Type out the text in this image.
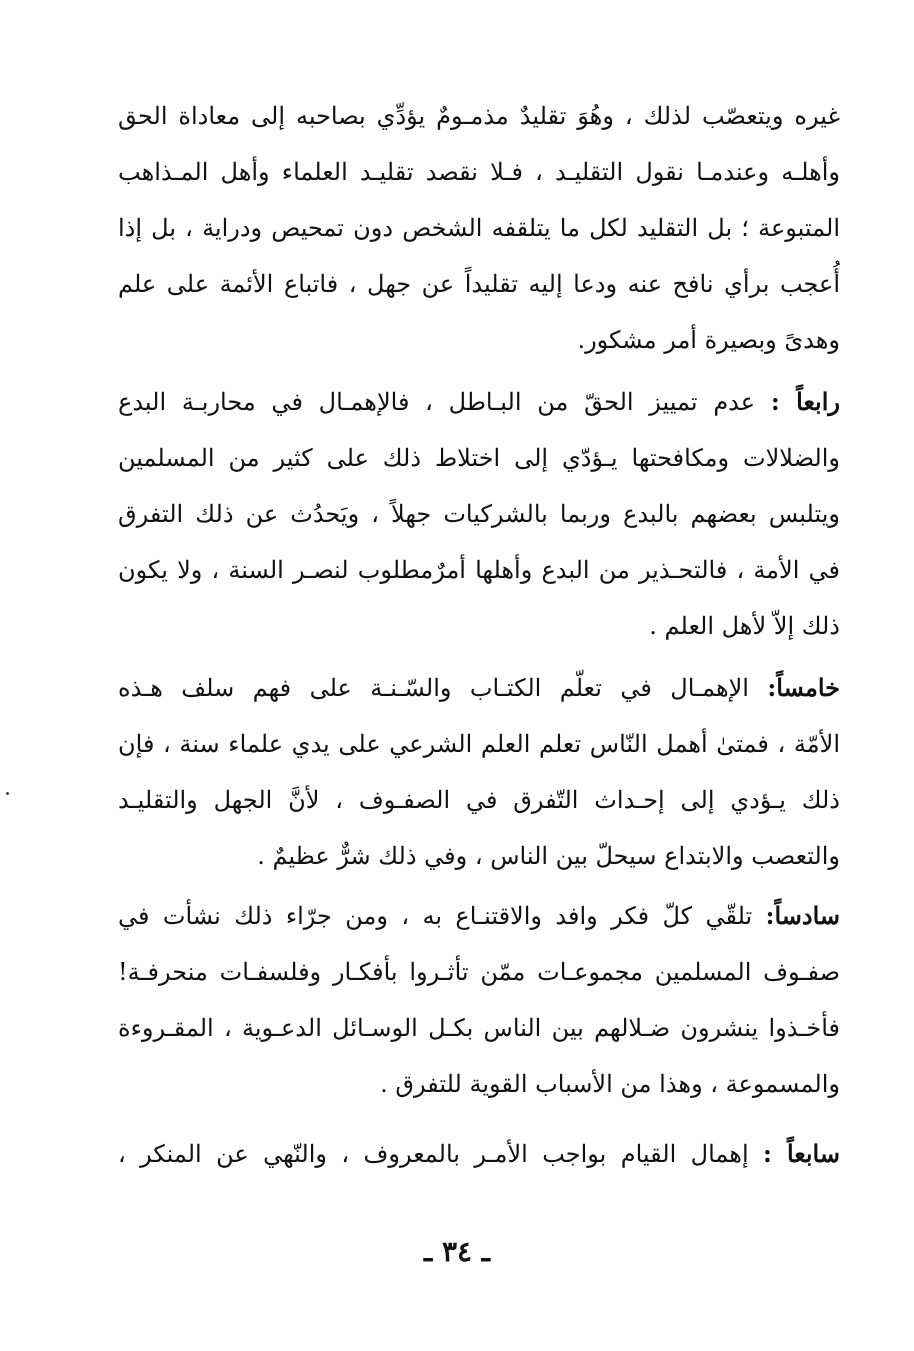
غيره ويتعصّب لذلك ، وهُوَ تقليدٌ مذمـومٌ يؤدِّي بصاحبه إلى معاداة الحق
وأهلـه وعندمـا نقول التقليـد ، فـلا نقصد تقليـد العلماء وأهل المـذاهب
المتبوعة ؛ بل التقليد لكل ما يتلقفه الشخص دون تمحيص ودراية ، بل إذا
أُعجب برأي نافح عنه ودعا إليه تقليداً عن جهل ، فاتباع الأئمة على علم
وهدىً وبصيرة أمر مشكور.
رابعاً : عدم تمييز الحقّ من البـاطل ، فالإهمـال في محاربـة البدع
والضلالات ومكافحتها يـؤدّي إلى اختلاط ذلك على كثير من المسلمين
ويتلبس بعضهم بالبدع وربما بالشركيات جهلاً ، ويَحدُث عن ذلك التفرق
في الأمة ، فالتحـذير من البدع وأهلها أمرٌمطلوب لنصـر السنة ، ولا يكون
ذلك إلاّ لأهل العلم .
خامساً: الإهمـال في تعلّم الكتـاب والسّـنـة على فهم سلف هـذه
الأمّة ، فمتىٰ أهمل النّاس تعلم العلم الشرعي على يدي علماء سنة ، فإن
ذلك يـؤدي إلى إحـداث التّفرق في الصفـوف ، لأنَّ الجهل والتقليـد
والتعصب والابتداع سيحلّ بين الناس ، وفي ذلك شرٌّ عظيمٌ .
سادساً: تلقّي كلّ فكر وافد والاقتنـاع به ، ومن جرّاء ذلك نشأت في
صفـوف المسلمين مجموعـات ممّن تأثـروا بأفكـار وفلسفـات منحرفـة!
فأخـذوا ينشرون ضـلالهم بين الناس بكـل الوسـائل الدعـوية ، المقـروءة
والمسموعة ، وهذا من الأسباب القوية للتفرق .
سابعاً : إهمال القيام بواجب الأمـر بالمعروف ، والنّهي عن المنكر ،
ـ ٣٤ ـ
